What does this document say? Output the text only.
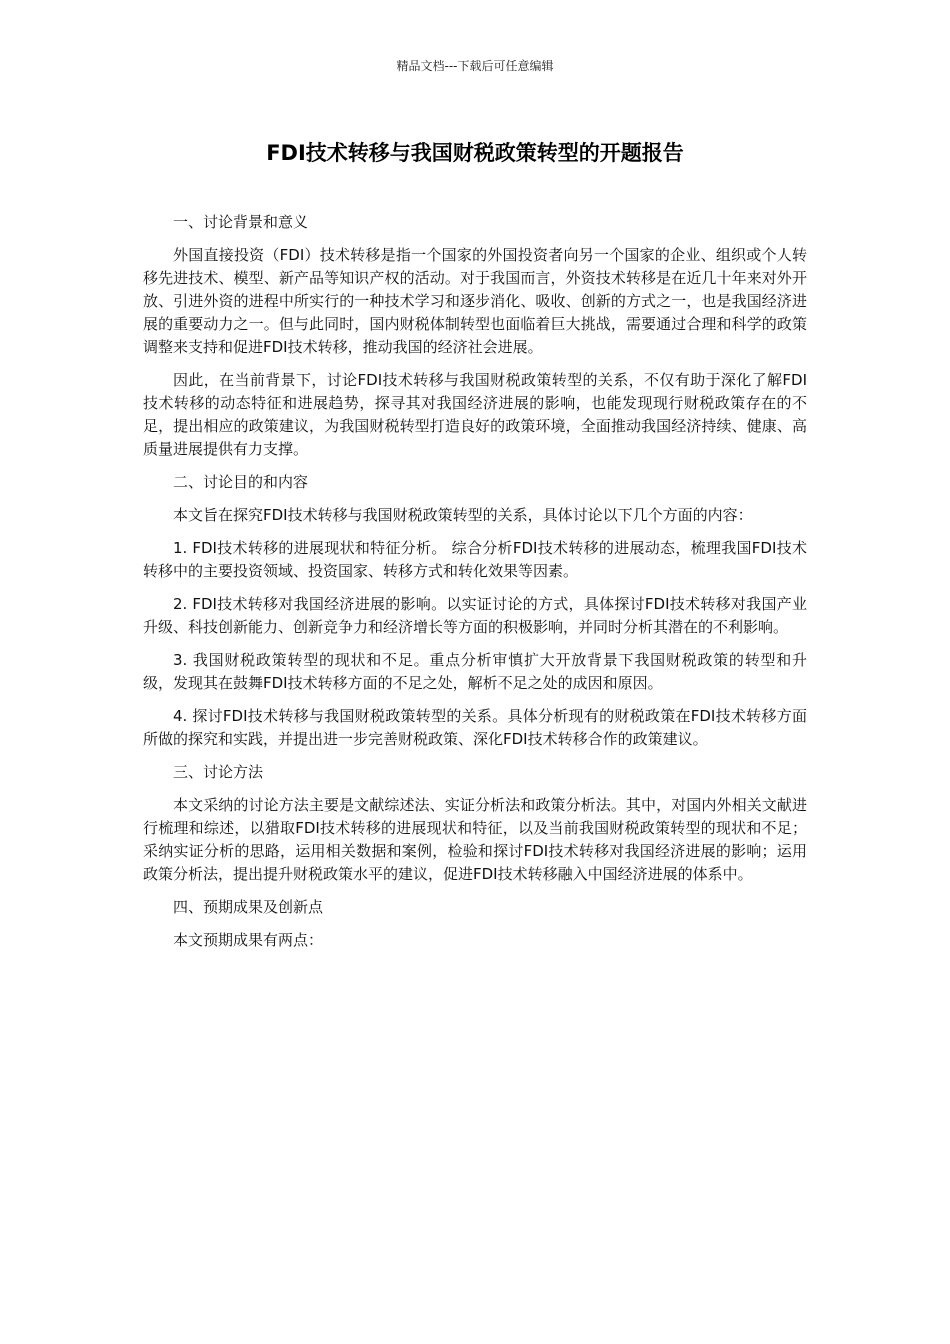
精品文档---下载后可任意编辑
FDI技术转移与我国财税政策转型的开题报告

一、讨论背景和意义

外国直接投资（FDI）技术转移是指一个国家的外国投资者向另一个国家的企业、组织或个人转移先进技术、模型、新产品等知识产权的活动。对于我国而言，外资技术转移是在近几十年来对外开放、引进外资的进程中所实行的一种技术学习和逐步消化、吸收、创新的方式之一，也是我国经济进展的重要动力之一。但与此同时，国内财税体制转型也面临着巨大挑战，需要通过合理和科学的政策调整来支持和促进FDI技术转移，推动我国的经济社会进展。

因此，在当前背景下，讨论FDI技术转移与我国财税政策转型的关系，不仅有助于深化了解FDI技术转移的动态特征和进展趋势，探寻其对我国经济进展的影响，也能发现现行财税政策存在的不足，提出相应的政策建议，为我国财税转型打造良好的政策环境，全面推动我国经济持续、健康、高质量进展提供有力支撑。

二、讨论目的和内容

本文旨在探究FDI技术转移与我国财税政策转型的关系，具体讨论以下几个方面的内容：

1. FDI技术转移的进展现状和特征分析。 综合分析FDI技术转移的进展动态，梳理我国FDI技术转移中的主要投资领域、投资国家、转移方式和转化效果等因素。

2. FDI技术转移对我国经济进展的影响。以实证讨论的方式，具体探讨FDI技术转移对我国产业升级、科技创新能力、创新竞争力和经济增长等方面的积极影响，并同时分析其潜在的不利影响。

3. 我国财税政策转型的现状和不足。重点分析审慎扩大开放背景下我国财税政策的转型和升级，发现其在鼓舞FDI技术转移方面的不足之处，解析不足之处的成因和原因。

4. 探讨FDI技术转移与我国财税政策转型的关系。具体分析现有的财税政策在FDI技术转移方面所做的探究和实践，并提出进一步完善财税政策、深化FDI技术转移合作的政策建议。

三、讨论方法

本文采纳的讨论方法主要是文献综述法、实证分析法和政策分析法。其中，对国内外相关文献进行梳理和综述，以猎取FDI技术转移的进展现状和特征，以及当前我国财税政策转型的现状和不足；采纳实证分析的思路，运用相关数据和案例，检验和探讨FDI技术转移对我国经济进展的影响；运用政策分析法，提出提升财税政策水平的建议，促进FDI技术转移融入中国经济进展的体系中。

四、预期成果及创新点

本文预期成果有两点：
